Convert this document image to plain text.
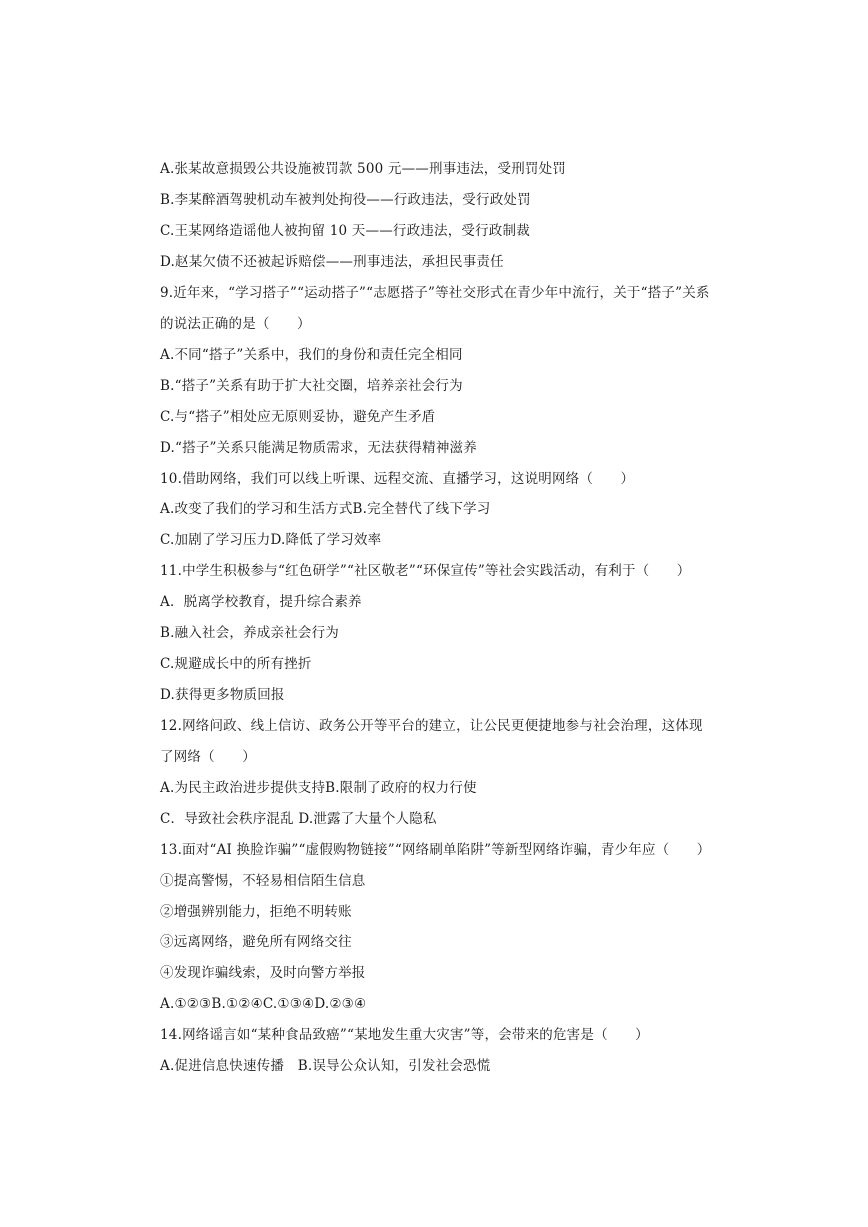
A.张某故意损毁公共设施被罚款 500 元——刑事违法，受刑罚处罚
B.李某醉酒驾驶机动车被判处拘役——行政违法，受行政处罚
C.王某网络造谣他人被拘留 10 天——行政违法，受行政制裁
D.赵某欠债不还被起诉赔偿——刑事违法，承担民事责任
9.近年来，“学习搭子”“运动搭子”“志愿搭子”等社交形式在青少年中流行，关于“搭子”关系
的说法正确的是（　　）
A.不同“搭子”关系中，我们的身份和责任完全相同
B.“搭子”关系有助于扩大社交圈，培养亲社会行为
C.与“搭子”相处应无原则妥协，避免产生矛盾
D.“搭子”关系只能满足物质需求，无法获得精神滋养
10.借助网络，我们可以线上听课、远程交流、直播学习，这说明网络（　　）
A.改变了我们的学习和生活方式B.完全替代了线下学习
C.加剧了学习压力D.降低了学习效率
11.中学生积极参与“红色研学”“社区敬老”“环保宣传”等社会实践活动，有利于（　　）
A．脱离学校教育，提升综合素养
B.融入社会，养成亲社会行为
C.规避成长中的所有挫折
D.获得更多物质回报
12.网络问政、线上信访、政务公开等平台的建立，让公民更便捷地参与社会治理，这体现
了网络（　　）
A.为民主政治进步提供支持B.限制了政府的权力行使
C．导致社会秩序混乱 D.泄露了大量个人隐私
13.面对“AI 换脸诈骗”“虚假购物链接”“网络刷单陷阱”等新型网络诈骗，青少年应（　　）
①提高警惕，不轻易相信陌生信息
②增强辨别能力，拒绝不明转账
③远离网络，避免所有网络交往
④发现诈骗线索，及时向警方举报
A.①②③B.①②④C.①③④D.②③④
14.网络谣言如“某种食品致癌”“某地发生重大灾害”等，会带来的危害是（　　）
A.促进信息快速传播　B.误导公众认知，引发社会恐慌
